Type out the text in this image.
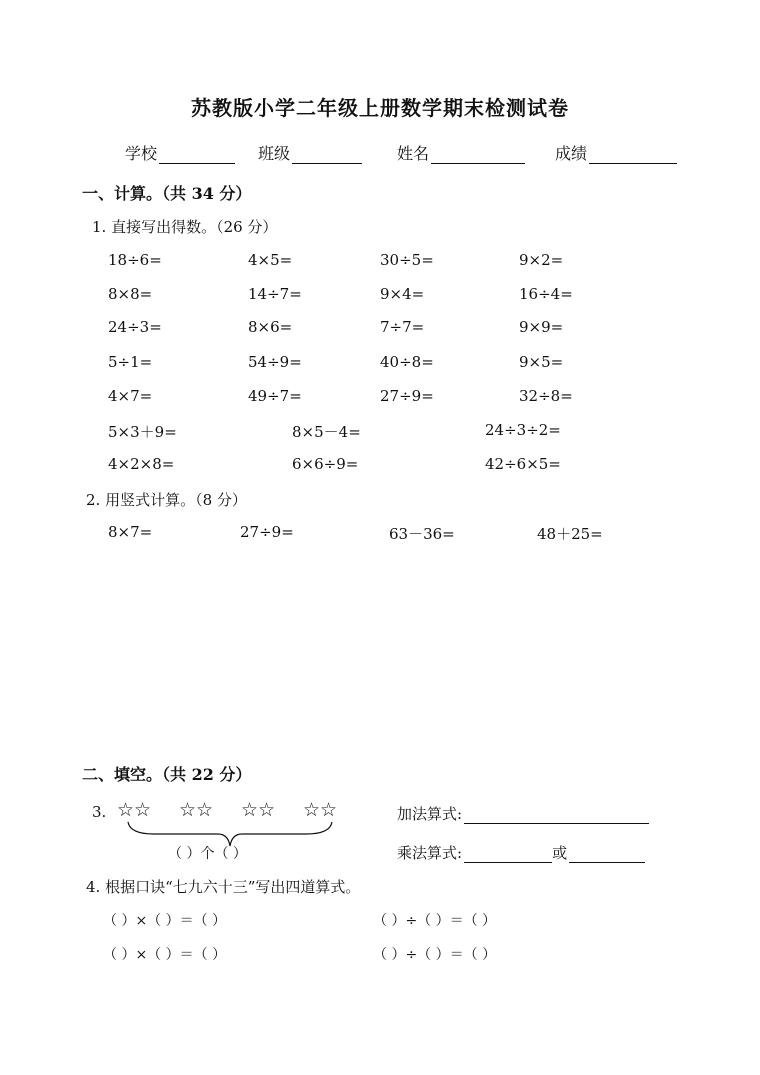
苏教版小学二年级上册数学期末检测试卷
学校	班级	姓名	成绩
一、计算。（共 34 分）
1. 直接写出得数。（26 分）
18÷6=	4×5=	30÷5=	9×2=
8×8=	14÷7=	9×4=	16÷4=
24÷3=	8×6=	7÷7=	9×9=
5÷1=	54÷9=	40÷8=	9×5=
4×7=	49÷7=	27÷9=	32÷8=
5×3＋9=	8×5－4=	24÷3÷2=
4×2×8=	6×6÷9=	42÷6×5=
2. 用竖式计算。（8 分）
8×7=	27÷9=	63－36=	48＋25=
二、填空。（共 22 分）
3. ☆☆ ☆☆ ☆☆ ☆☆
（ ）个（ ）
加法算式:
乘法算式:	或
4. 根据口诀“七九六十三”写出四道算式。
（ ）×（ ）＝（ ）	（ ）÷（ ）＝（ ）
（ ）×（ ）＝（ ）	（ ）÷（ ）＝（ ）
